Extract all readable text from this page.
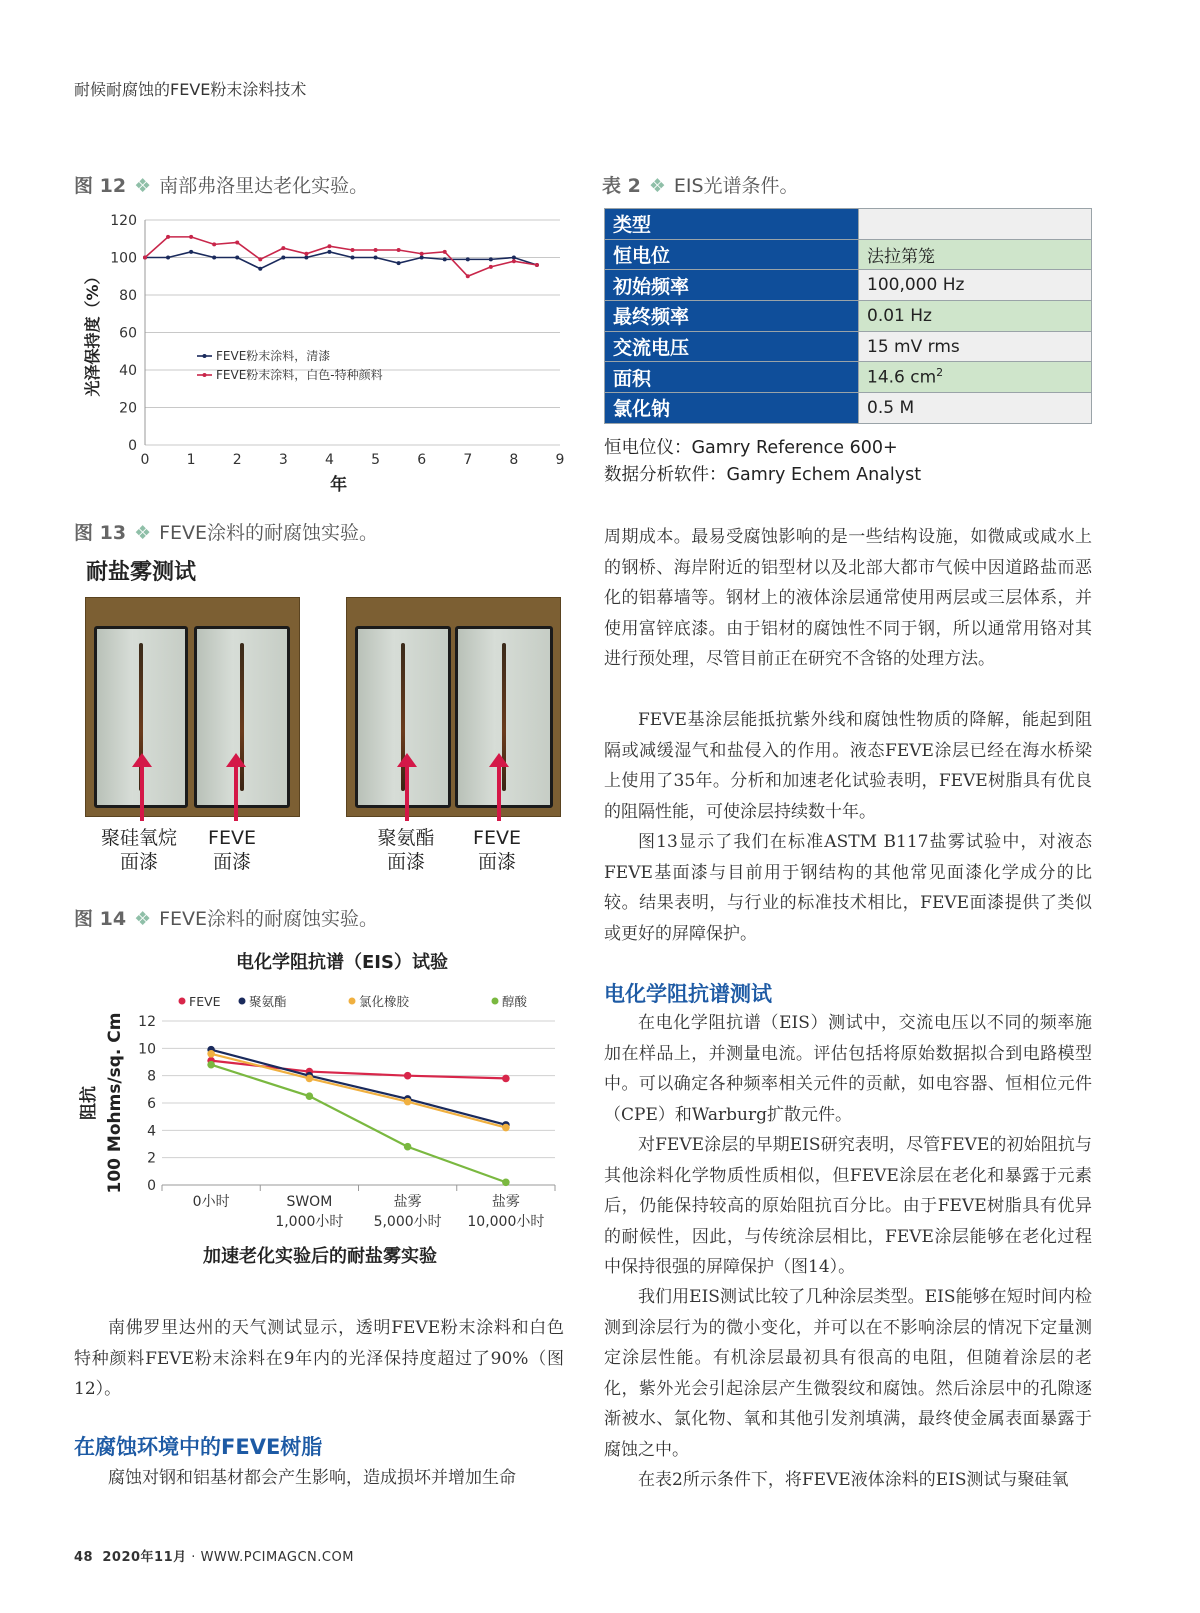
耐候耐腐蚀的FEVE粉末涂料技术
图 12 ❖ 南部弗洛里达老化实验。
0
20
40
60
80
100
120
0	1	2	3	4	5	6	7	8	9
年
光泽保持度（%）	FEVE粉末涂料，清漆
FEVE粉末涂料，白色-特种颜料
表 2 ❖ EIS光谱条件。
类型	
恒电位	法拉第笼
初始频率	100,000 Hz
最终频率	0.01 Hz
交流电压	15 mV rms
面积	14.6 $cm^2$
氯化钠	0.5 M
恒电位仪：Gamry Reference 600+
数据分析软件：Gamry Echem Analyst
图 13 ❖ FEVE涂料的耐腐蚀实验。
耐盐雾测试
聚硅氧烷
面漆
FEVE
面漆
聚氨酯
面漆
FEVE
面漆
图 14 ❖ FEVE涂料的耐腐蚀实验。
电化学阻抗谱（EIS）试验
FEVE 聚氨酯	氯化橡胶	醇酸
0
2
4
6
8
10
12
0小时	SWOM
1,000小时
盐雾
5,000小时
盐雾
10,000小时
阻抗 100 Mohms/sq. Cm
加速老化实验后的耐盐雾实验
南佛罗里达州的天气测试显示，透明FEVE粉末涂料和白色特种颜料FEVE粉末涂料在9年内的光泽保持度超过了90%（图12）。
在腐蚀环境中的FEVE树脂
腐蚀对钢和铝基材都会产生影响，造成损坏并增加生命
周期成本。最易受腐蚀影响的是一些结构设施，如微咸或咸水上的钢桥、海岸附近的铝型材以及北部大都市气候中因道路盐而恶化的铝幕墙等。钢材上的液体涂层通常使用两层或三层体系，并使用富锌底漆。由于铝材的腐蚀性不同于钢，所以通常用铬对其进行预处理，尽管目前正在研究不含铬的处理方法。
FEVE基涂层能抵抗紫外线和腐蚀性物质的降解，能起到阻隔或减缓湿气和盐侵入的作用。液态FEVE涂层已经在海水桥梁上使用了35年。分析和加速老化试验表明，FEVE树脂具有优良的阻隔性能，可使涂层持续数十年。
图13显示了我们在标准ASTM B117盐雾试验中，对液态FEVE基面漆与目前用于钢结构的其他常见面漆化学成分的比较。结果表明，与行业的标准技术相比，FEVE面漆提供了类似或更好的屏障保护。
电化学阻抗谱测试
在电化学阻抗谱（EIS）测试中，交流电压以不同的频率施加在样品上，并测量电流。评估包括将原始数据拟合到电路模型中。可以确定各种频率相关元件的贡献，如电容器、恒相位元件（CPE）和Warburg扩散元件。
对FEVE涂层的早期EIS研究表明，尽管FEVE的初始阻抗与其他涂料化学物质性质相似，但FEVE涂层在老化和暴露于元素后，仍能保持较高的原始阻抗百分比。由于FEVE树脂具有优异的耐候性，因此，与传统涂层相比，FEVE涂层能够在老化过程中保持很强的屏障保护（图14）。
我们用EIS测试比较了几种涂层类型。EIS能够在短时间内检测到涂层行为的微小变化，并可以在不影响涂层的情况下定量测定涂层性能。有机涂层最初具有很高的电阻，但随着涂层的老化，紫外光会引起涂层产生微裂纹和腐蚀。然后涂层中的孔隙逐渐被水、氯化物、氧和其他引发剂填满，最终使金属表面暴露于腐蚀之中。
在表2所示条件下，将FEVE液体涂料的EIS测试与聚硅氧
48 2020年11月 · WWW.PCIMAGCN.COM
